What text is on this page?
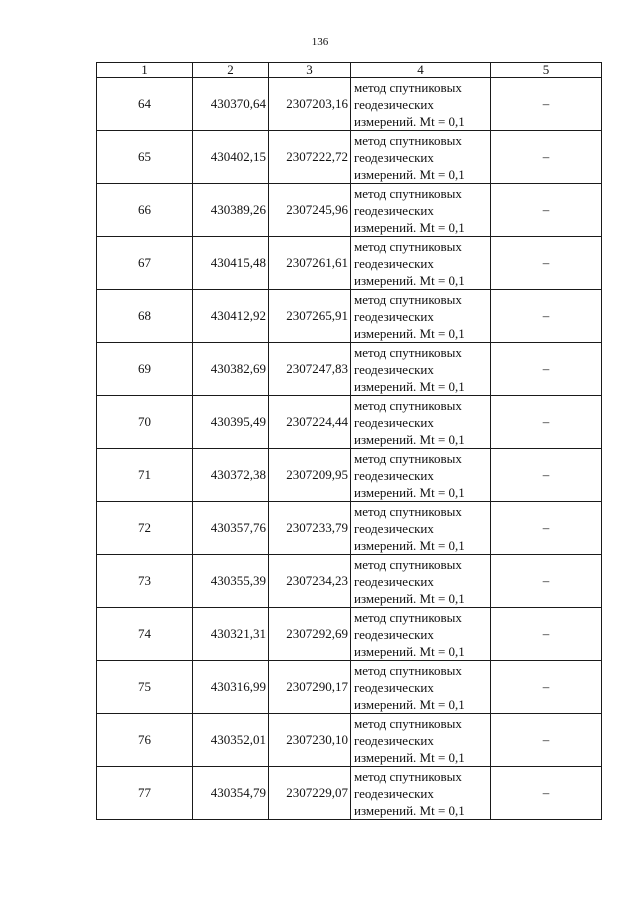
136
1	2	3	4	5
64	430370,64	2307203,16	метод спутниковых
геодезических
измерений. Mt = 0,1	–
65	430402,15	2307222,72	метод спутниковых
геодезических
измерений. Mt = 0,1	–
66	430389,26	2307245,96	метод спутниковых
геодезических
измерений. Mt = 0,1	–
67	430415,48	2307261,61	метод спутниковых
геодезических
измерений. Mt = 0,1	–
68	430412,92	2307265,91	метод спутниковых
геодезических
измерений. Mt = 0,1	–
69	430382,69	2307247,83	метод спутниковых
геодезических
измерений. Mt = 0,1	–
70	430395,49	2307224,44	метод спутниковых
геодезических
измерений. Mt = 0,1	–
71	430372,38	2307209,95	метод спутниковых
геодезических
измерений. Mt = 0,1	–
72	430357,76	2307233,79	метод спутниковых
геодезических
измерений. Mt = 0,1	–
73	430355,39	2307234,23	метод спутниковых
геодезических
измерений. Mt = 0,1	–
74	430321,31	2307292,69	метод спутниковых
геодезических
измерений. Mt = 0,1	–
75	430316,99	2307290,17	метод спутниковых
геодезических
измерений. Mt = 0,1	–
76	430352,01	2307230,10	метод спутниковых
геодезических
измерений. Mt = 0,1	–
77	430354,79	2307229,07	метод спутниковых
геодезических
измерений. Mt = 0,1	–
